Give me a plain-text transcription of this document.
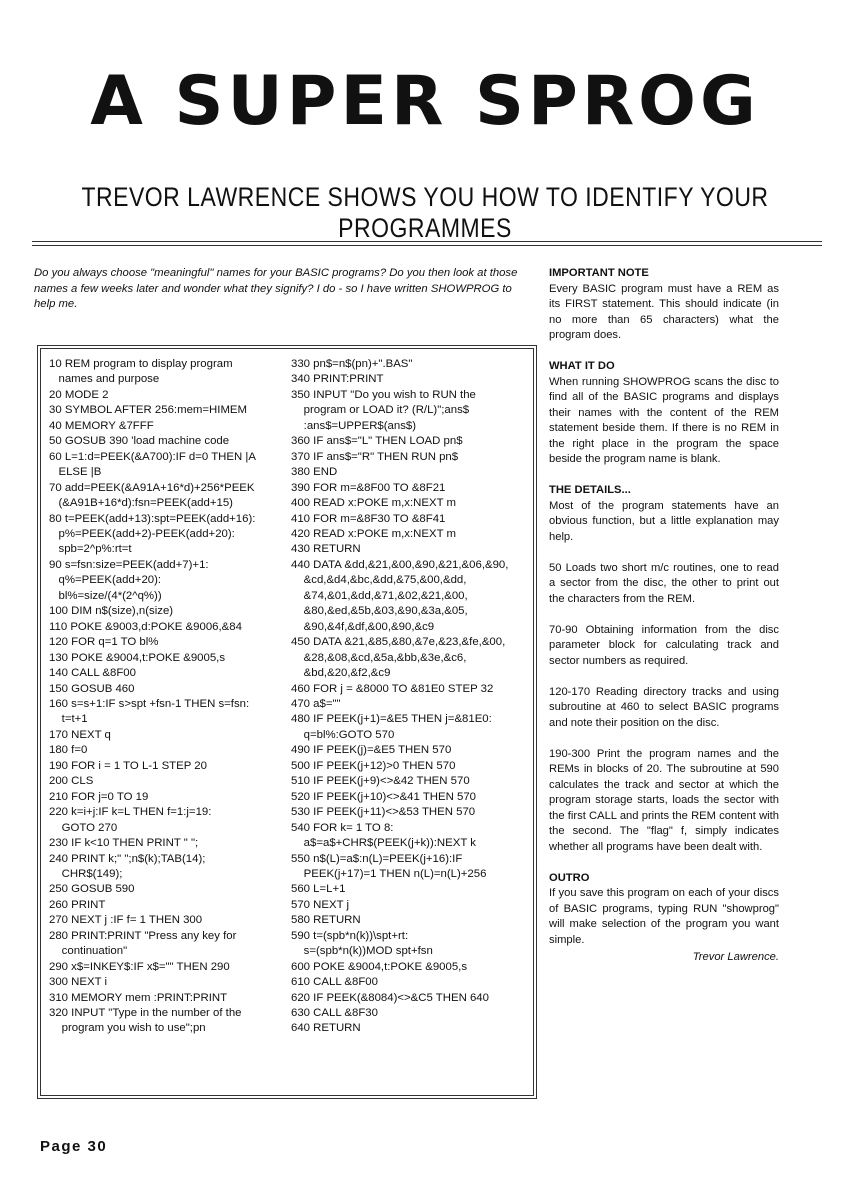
A SUPER SPROG
TREVOR LAWRENCE SHOWS YOU HOW TO IDENTIFY YOUR PROGRAMMES
Do you always choose "meaningful" names for your BASIC programs? Do you then look at those names a few weeks later and wonder what they signify? I do - so I have written SHOWPROG to help me.
10 REM program to display program
names and purpose
20 MODE 2
30 SYMBOL AFTER 256:mem=HIMEM
40 MEMORY &7FFF
50 GOSUB 390 'load machine code
60 L=1:d=PEEK(&A700):IF d=0 THEN |A
ELSE |B
70 add=PEEK(&A91A+16*d)+256*PEEK
(&A91B+16*d):fsn=PEEK(add+15)
80 t=PEEK(add+13):spt=PEEK(add+16):
p%=PEEK(add+2)-PEEK(add+20):
spb=2^p%:rt=t
90 s=fsn:size=PEEK(add+7)+1:
q%=PEEK(add+20):
bl%=size/(4*(2^q%))
100 DIM n$(size),n(size)
110 POKE &9003,d:POKE &9006,&84
120 FOR q=1 TO bl%
130 POKE &9004,t:POKE &9005,s
140 CALL &8F00
150 GOSUB 460
160 s=s+1:IF s>spt +fsn-1 THEN s=fsn:
t=t+1
170 NEXT q
180 f=0
190 FOR i = 1 TO L-1 STEP 20
200 CLS
210 FOR j=0 TO 19
220 k=i+j:IF k=L THEN f=1:j=19:
GOTO 270
230 IF k<10 THEN PRINT " ";
240 PRINT k;" ";n$(k);TAB(14);
CHR$(149);
250 GOSUB 590
260 PRINT
270 NEXT j :IF f= 1 THEN 300
280 PRINT:PRINT "Press any key for
continuation"
290 x$=INKEY$:IF x$="" THEN 290
300 NEXT i
310 MEMORY mem :PRINT:PRINT
320 INPUT "Type in the number of the
program you wish to use";pn
330 pn$=n$(pn)+".BAS"
340 PRINT:PRINT
350 INPUT "Do you wish to RUN the
program or LOAD it? (R/L)";ans$
:ans$=UPPER$(ans$)
360 IF ans$="L" THEN LOAD pn$
370 IF ans$="R" THEN RUN pn$
380 END
390 FOR m=&8F00 TO &8F21
400 READ x:POKE m,x:NEXT m
410 FOR m=&8F30 TO &8F41
420 READ x:POKE m,x:NEXT m
430 RETURN
440 DATA &dd,&21,&00,&90,&21,&06,&90,
&cd,&d4,&bc,&dd,&75,&00,&dd,
&74,&01,&dd,&71,&02,&21,&00,
&80,&ed,&5b,&03,&90,&3a,&05,
&90,&4f,&df,&00,&90,&c9
450 DATA &21,&85,&80,&7e,&23,&fe,&00,
&28,&08,&cd,&5a,&bb,&3e,&c6,
&bd,&20,&f2,&c9
460 FOR j = &8000 TO &81E0 STEP 32
470 a$=""
480 IF PEEK(j+1)=&E5 THEN j=&81E0:
q=bl%:GOTO 570
490 IF PEEK(j)=&E5 THEN 570
500 IF PEEK(j+12)>0 THEN 570
510 IF PEEK(j+9)<>&42 THEN 570
520 IF PEEK(j+10)<>&41 THEN 570
530 IF PEEK(j+11)<>&53 THEN 570
540 FOR k= 1 TO 8:
a$=a$+CHR$(PEEK(j+k)):NEXT k
550 n$(L)=a$:n(L)=PEEK(j+16):IF
PEEK(j+17)=1 THEN n(L)=n(L)+256
560 L=L+1
570 NEXT j
580 RETURN
590 t=(spb*n(k))\spt+rt:
s=(spb*n(k))MOD spt+fsn
600 POKE &9004,t:POKE &9005,s
610 CALL &8F00
620 IF PEEK(&8084)<>&C5 THEN 640
630 CALL &8F30
640 RETURN

IMPORTANT NOTE

Every BASIC program must have a REM as its FIRST statement. This should indicate (in no more than 65 characters) what the program does.

WHAT IT DO

When running SHOWPROG scans the disc to find all of the BASIC programs and displays their names with the content of the REM statement beside them. If there is no REM in the right place in the program the space beside the program name is blank.

THE DETAILS...

Most of the program statements have an obvious function, but a little explanation may help.

50 Loads two short m/c routines, one to read a sector from the disc, the other to print out the characters from the REM.

70-90 Obtaining information from the disc parameter block for calculating track and sector numbers as required.

120-170 Reading directory tracks and using subroutine at 460 to select BASIC programs and note their position on the disc.

190-300 Print the program names and the REMs in blocks of 20. The subroutine at 590 calculates the track and sector at which the program storage starts, loads the sector with the first CALL and prints the REM content with the second. The "flag" f, simply indicates whether all programs have been dealt with.

OUTRO

If you save this program on each of your discs of BASIC programs, typing RUN "showprog" will make selection of the program you want simple.

Trevor Lawrence.
Page 30
